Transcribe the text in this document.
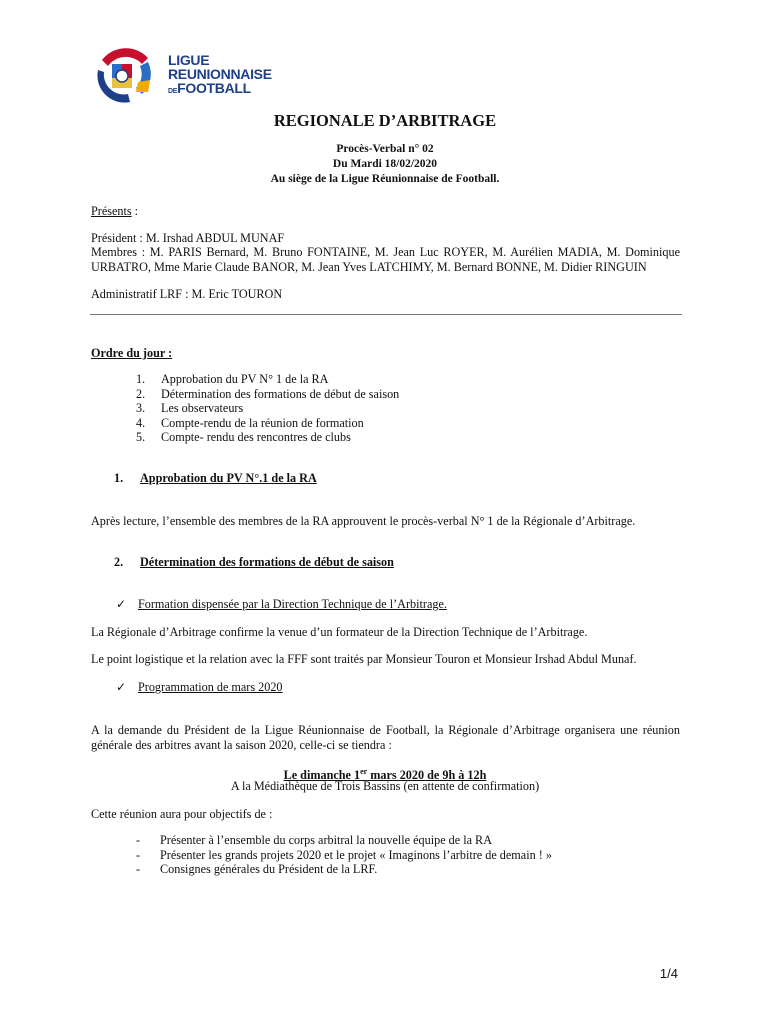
LIGUE
REUNIONNAISE
DEFOOTBALL
REGIONALE D’ARBITRAGE
Procès-Verbal n° 02
Du Mardi 18/02/2020
Au siège de la Ligue Réunionnaise de Football.
Présents :
Président : M. Irshad ABDUL MUNAF
Membres : M. PARIS Bernard, M. Bruno FONTAINE, M. Jean Luc ROYER, M. Aurélien MADIA, M. Dominique URBATRO, Mme Marie Claude BANOR, M. Jean Yves LATCHIMY, M. Bernard BONNE, M. Didier RINGUIN
Administratif LRF : M. Eric TOURON
Ordre du jour :
1.	Approbation du PV N° 1 de la RA
2.	Détermination des formations de début de saison
3.	Les observateurs
4.	Compte-rendu de la réunion de formation
5.	Compte- rendu des rencontres de clubs
1. Approbation du PV N°.1 de la RA
Après lecture, l’ensemble des membres de la RA approuvent le procès-verbal N° 1 de la Régionale d’Arbitrage.
2. Détermination des formations de début de saison
✓ Formation dispensée par la Direction Technique de l’Arbitrage.
La Régionale d’Arbitrage confirme la venue d’un formateur de la Direction Technique de l’Arbitrage.
Le point logistique et la relation avec la FFF sont traités par Monsieur Touron et Monsieur Irshad Abdul Munaf.
✓ Programmation de mars 2020
A la demande du Président de la Ligue Réunionnaise de Football, la Régionale d’Arbitrage organisera une réunion générale des arbitres avant la saison 2020, celle-ci se tiendra :
Le dimanche 1er mars 2020 de 9h à 12h
A la Médiathèque de Trois Bassins (en attente de confirmation)
Cette réunion aura pour objectifs de :
-	Présenter à l’ensemble du corps arbitral la nouvelle équipe de la RA
-	Présenter les grands projets 2020 et le projet « Imaginons l’arbitre de demain ! »
-	Consignes générales du Président de la LRF.
1/4
